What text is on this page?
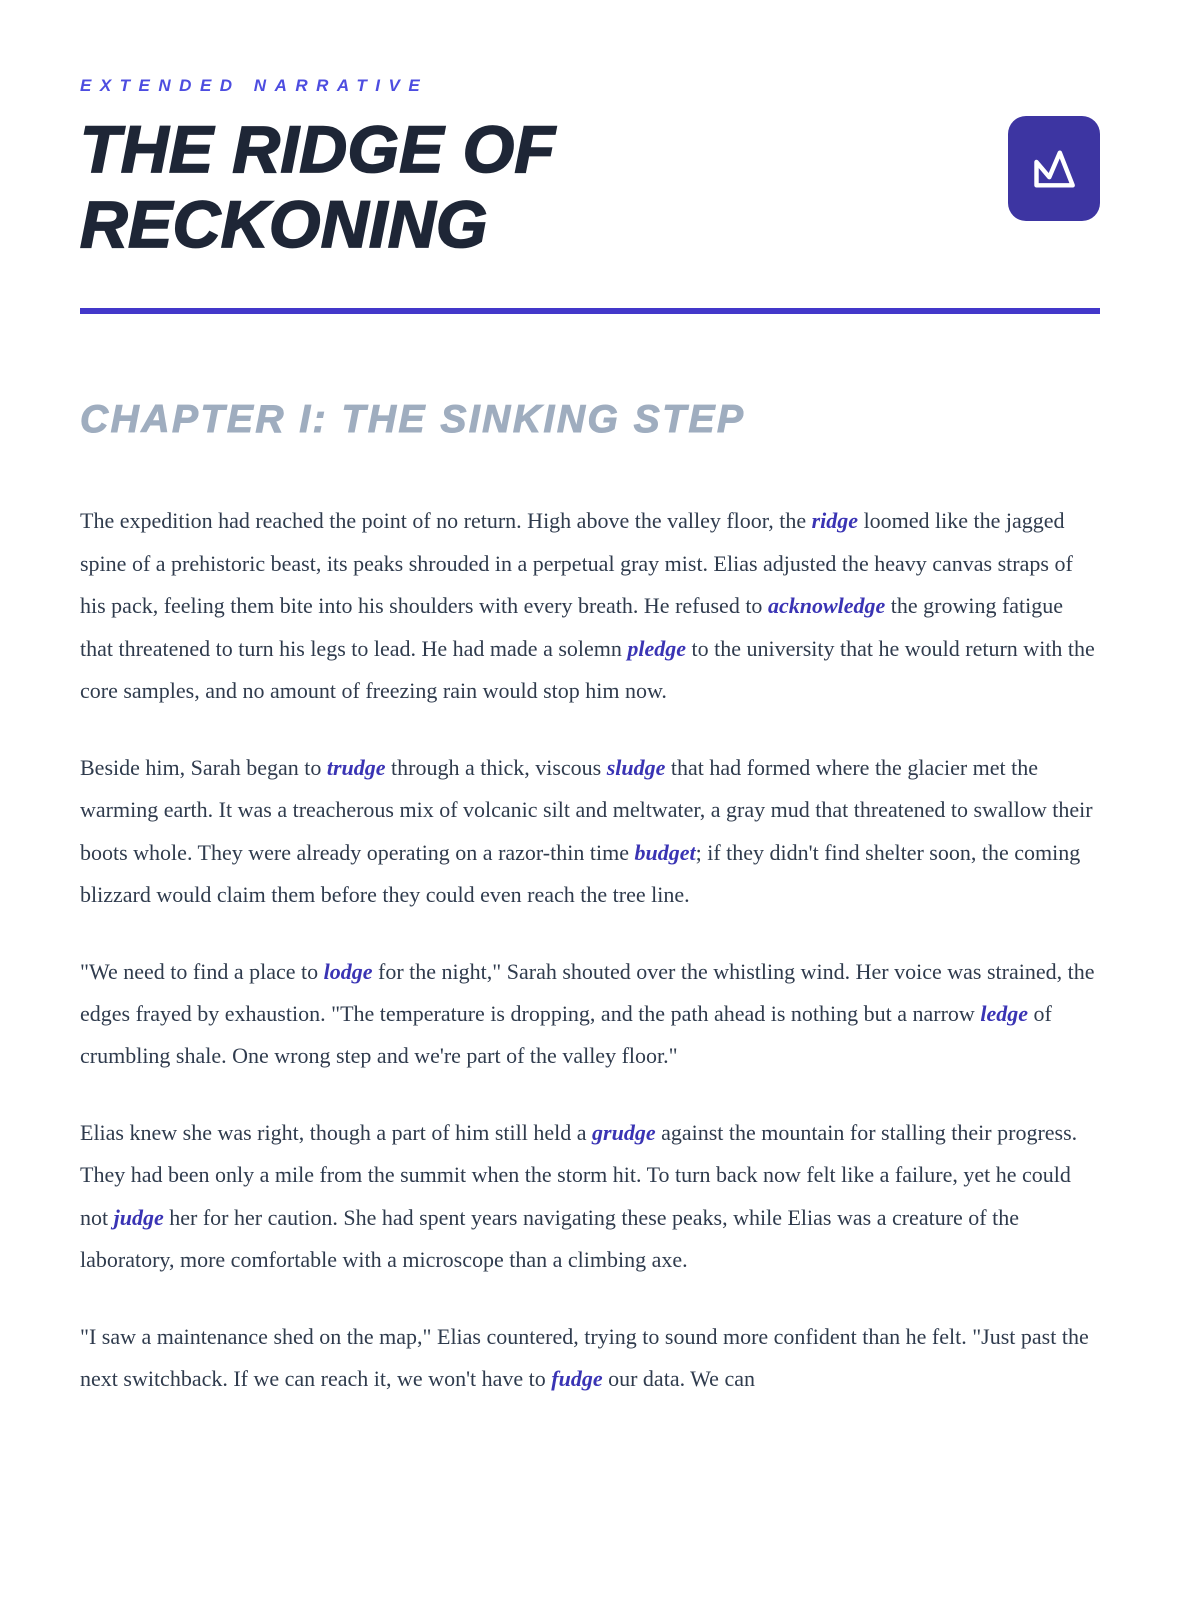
EXTENDED NARRATIVE
THE RIDGE OF RECKONING
CHAPTER I: THE SINKING STEP

The expedition had reached the point of no return. High above the valley floor, the ridge loomed like the jagged spine of a prehistoric beast, its peaks shrouded in a perpetual gray mist. Elias adjusted the heavy canvas straps of his pack, feeling them bite into his shoulders with every breath. He refused to acknowledge the growing fatigue that threatened to turn his legs to lead. He had made a solemn pledge to the university that he would return with the core samples, and no amount of freezing rain would stop him now.

Beside him, Sarah began to trudge through a thick, viscous sludge that had formed where the glacier met the warming earth. It was a treacherous mix of volcanic silt and meltwater, a gray mud that threatened to swallow their boots whole. They were already operating on a razor-thin time budget; if they didn't find shelter soon, the coming blizzard would claim them before they could even reach the tree line.

"We need to find a place to lodge for the night," Sarah shouted over the whistling wind. Her voice was strained, the edges frayed by exhaustion. "The temperature is dropping, and the path ahead is nothing but a narrow ledge of crumbling shale. One wrong step and we're part of the valley floor."

Elias knew she was right, though a part of him still held a grudge against the mountain for stalling their progress. They had been only a mile from the summit when the storm hit. To turn back now felt like a failure, yet he could not judge her for her caution. She had spent years navigating these peaks, while Elias was a creature of the laboratory, more comfortable with a microscope than a climbing axe.

"I saw a maintenance shed on the map," Elias countered, trying to sound more confident than he felt. "Just past the next switchback. If we can reach it, we won't have to fudge our data. We can
